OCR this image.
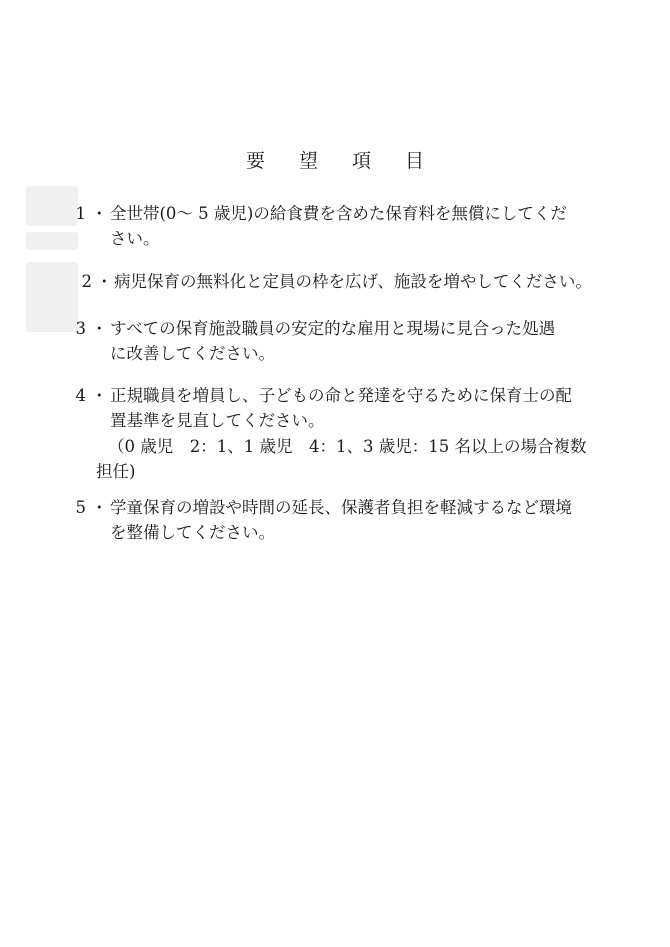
要 望 項 目
1 ・ 全世帯(0～ 5 歳児)の給食費を含めた保育料を無償にしてくだ
さい。
2 ・ 病児保育の無料化と定員の枠を広げ、施設を増やしてください。
3 ・ すべての保育施設職員の安定的な雇用と現場に見合った処遇
に改善してください。
4 ・ 正規職員を増員し、子どもの命と発達を守るために保育士の配
置基準を見直してください。
（0 歳児　2：1、1 歳児　4：1、3 歳児：15 名以上の場合複数
担任)
5 ・ 学童保育の増設や時間の延長、保護者負担を軽減するなど環境
を整備してください。
